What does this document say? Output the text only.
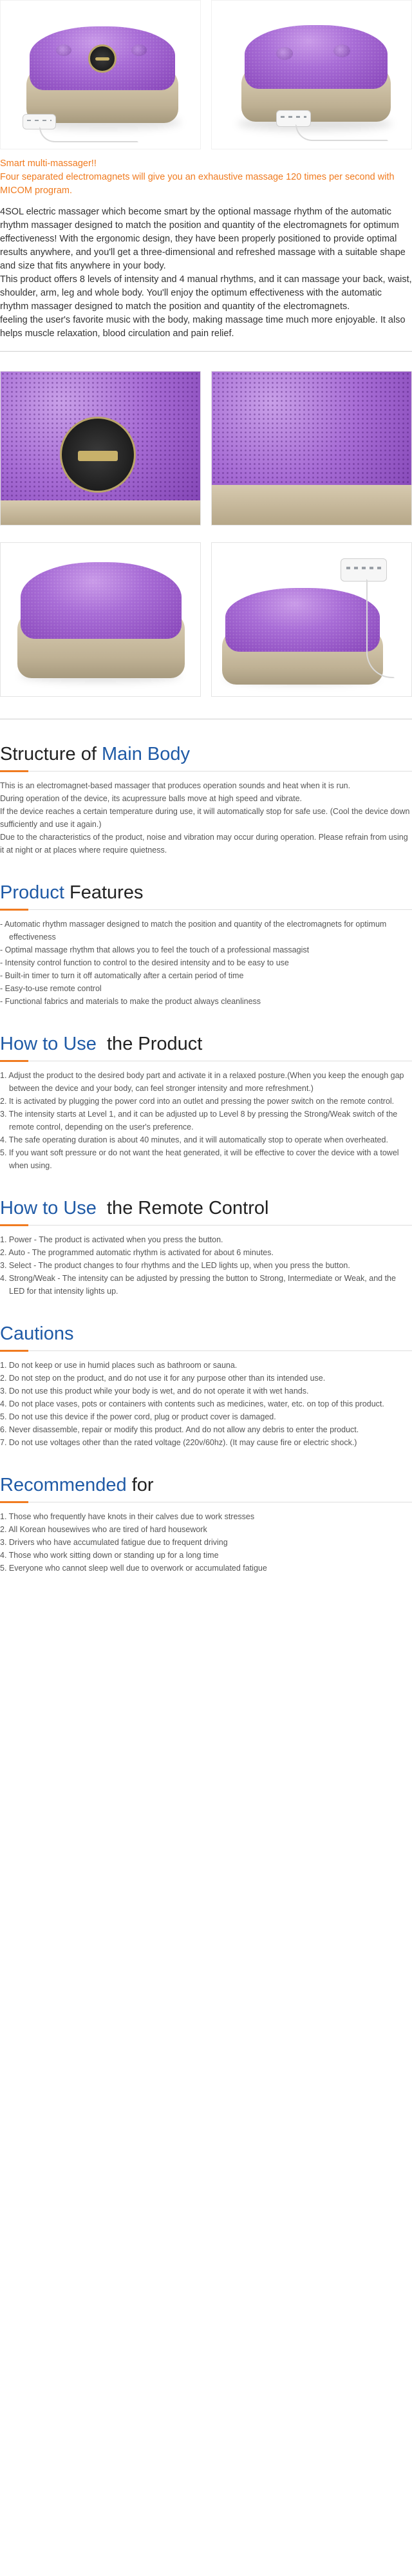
Smart multi-massager!!

Four separated electromagnets will give you an exhaustive massage 120 times per second with MICOM program.

4SOL electric massager which become smart by the optional massage rhythm of the automatic rhythm massager designed to match the position and quantity of the electromagnets for optimum effectiveness! With the ergonomic design, they have been properly positioned to provide optimal results anywhere, and you'll get a three-dimensional and refreshed massage with a suitable shape and size that fits anywhere in your body.

This product offers 8 levels of intensity and 4 manual rhythms, and it can massage your back, waist, shoulder, arm, leg and whole body. You'll enjoy the optimum effectiveness with the automatic rhythm massager designed to match the position and quantity of the electromagnets.

feeling the user's favorite music with the body, making massage time much more enjoyable. It also helps muscle relaxation, blood circulation and pain relief.

Structure of Main Body

This is an electromagnet-based massager that produces operation sounds and heat when it is run.

During operation of the device, its acupressure balls move at high speed and vibrate.

If the device reaches a certain temperature during use, it will automatically stop for safe use. (Cool the device down sufficiently and use it again.)

Due to the characteristics of the product, noise and vibration may occur during operation. Please refrain from using it at night or at places where require quietness.

Product Features
- Automatic rhythm massager designed to match the position and quantity of the electromagnets for optimum effectiveness
- Optimal massage rhythm that allows you to feel the touch of a professional massagist
- Intensity control function to control to the desired intensity and to be easy to use
- Built-in timer to turn it off automatically after a certain period of time
- Easy-to-use remote control
- Functional fabrics and materials to make the product always cleanliness
How to Use  the Product
1. Adjust the product to the desired body part and activate it in a relaxed posture.(When you keep the enough gap between the device and your body, can feel stronger intensity and more refreshment.)
2. It is activated by plugging the power cord into an outlet and pressing the power switch on the remote control.
3. The intensity starts at Level 1, and it can be adjusted up to Level 8 by pressing the Strong/Weak switch of the remote control, depending on the user's preference.
4. The safe operating duration is about 40 minutes, and it will automatically stop to operate when overheated.
5. If you want soft pressure or do not want the heat generated, it will be effective to cover the device with a towel when using.
How to Use  the Remote Control
1. Power - The product is activated when you press the button.
2. Auto - The programmed automatic rhythm is activated for about 6 minutes.
3. Select - The product changes to four rhythms and the LED lights up, when you press the button.
4. Strong/Weak - The intensity can be adjusted by pressing the button to Strong, Intermediate or Weak, and the LED for that intensity lights up.
Cautions
1. Do not keep or use in humid places such as bathroom or sauna.
2. Do not step on the product, and do not use it for any purpose other than its intended use.
3. Do not use this product while your body is wet, and do not operate it with wet hands.
4. Do not place vases, pots or containers with contents such as medicines, water, etc. on top of this product.
5. Do not use this device if the power cord, plug or product cover is damaged.
6. Never disassemble, repair or modify this product. And do not allow any debris to enter the product.
7. Do not use voltages other than the rated voltage (220v/60hz). (It may cause fire or electric shock.)
Recommended for
1. Those who frequently have knots in their calves due to work stresses
2. All Korean housewives who are tired of hard housework
3. Drivers who have accumulated fatigue due to frequent driving
4. Those who work sitting down or standing up for a long time
5. Everyone who cannot sleep well due to overwork or accumulated fatigue
